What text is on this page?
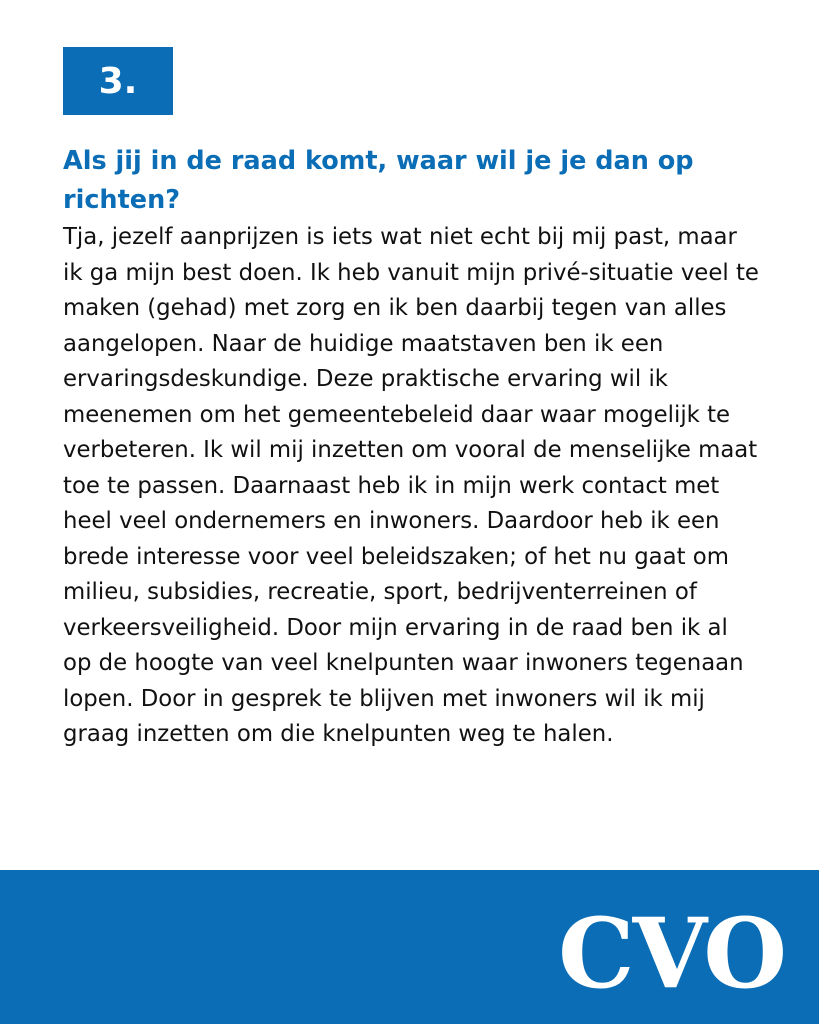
3.
Als jij in de raad komt, waar wil je je dan op richten?

Tja, jezelf aanprijzen is iets wat niet echt bij mij past, maar ik ga mijn best doen. Ik heb vanuit mijn privé-situatie veel te maken (gehad) met zorg en ik ben daarbij tegen van alles aangelopen. Naar de huidige maatstaven ben ik een ervaringsdeskundige. Deze praktische ervaring wil ik meenemen om het gemeentebeleid daar waar mogelijk te verbeteren. Ik wil mij inzetten om vooral de menselijke maat toe te passen. Daarnaast heb ik in mijn werk contact met heel veel ondernemers en inwoners. Daardoor heb ik een brede interesse voor veel beleidszaken; of het nu gaat om milieu, subsidies, recreatie, sport, bedrijventerreinen of verkeersveiligheid. Door mijn ervaring in de raad ben ik al op de hoogte van veel knelpunten waar inwoners tegenaan lopen. Door in gesprek te blijven met inwoners wil ik mij graag inzetten om die knelpunten weg te halen.

CVO
